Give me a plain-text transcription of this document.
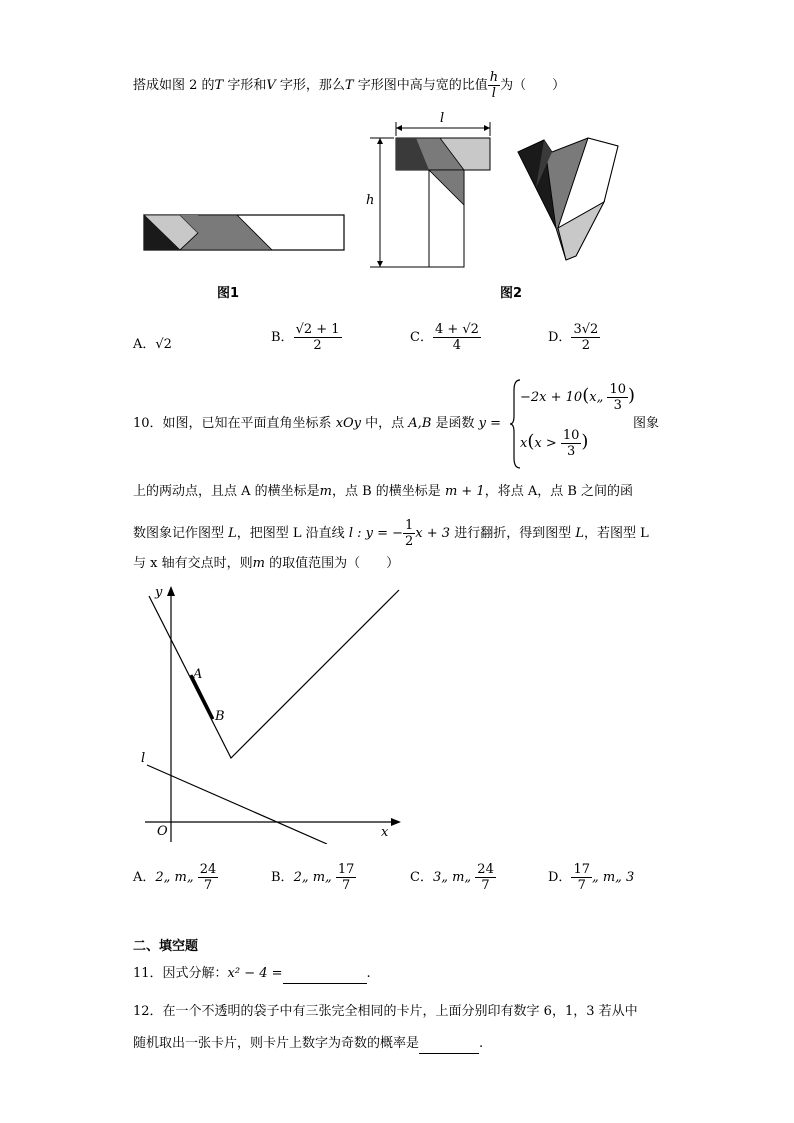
搭成如图 2 的T 字形和V 字形，那么T 字形图中高与宽的比值 $\frac{h}{l}$ 为（　　）
图1
l
h
图2
A．√2	B． $\frac{√2 + 1}{2}$	C． $\frac{4 + √2}{4}$	D． $\frac{3√2}{2}$
10．如图，已知在平面直角坐标系 xOy 中，点 A,B 是函数 y =
−2x + 10(x„ $\frac{10}{3}$ )
$x(x > \frac{10}{3}$ )
图象
上的两动点，且点 A 的横坐标是m，点 B 的横坐标是 m + 1，将点 A，点 B 之间的函
数图象记作图型 L，把图型 L 沿直线 l : y = − $\frac{1}{2}$ x + 3 进行翻折，得到图型 L，若图型 L
与 x 轴有交点时，则m 的取值范围为（　　）
y
x
O
A
B
l
A．2„ m„ $\frac{24}{7}$	B．2„ m„ $\frac{17}{7}$	C．3„ m„ $\frac{24}{7}$	D． $\frac{17}{7}$ „ m„ 3
二、填空题
11．因式分解：x² − 4 =	.
12．在一个不透明的袋子中有三张完全相同的卡片，上面分别印有数字 6，1，3 若从中
随机取出一张卡片，则卡片上数字为奇数的概率是	.
